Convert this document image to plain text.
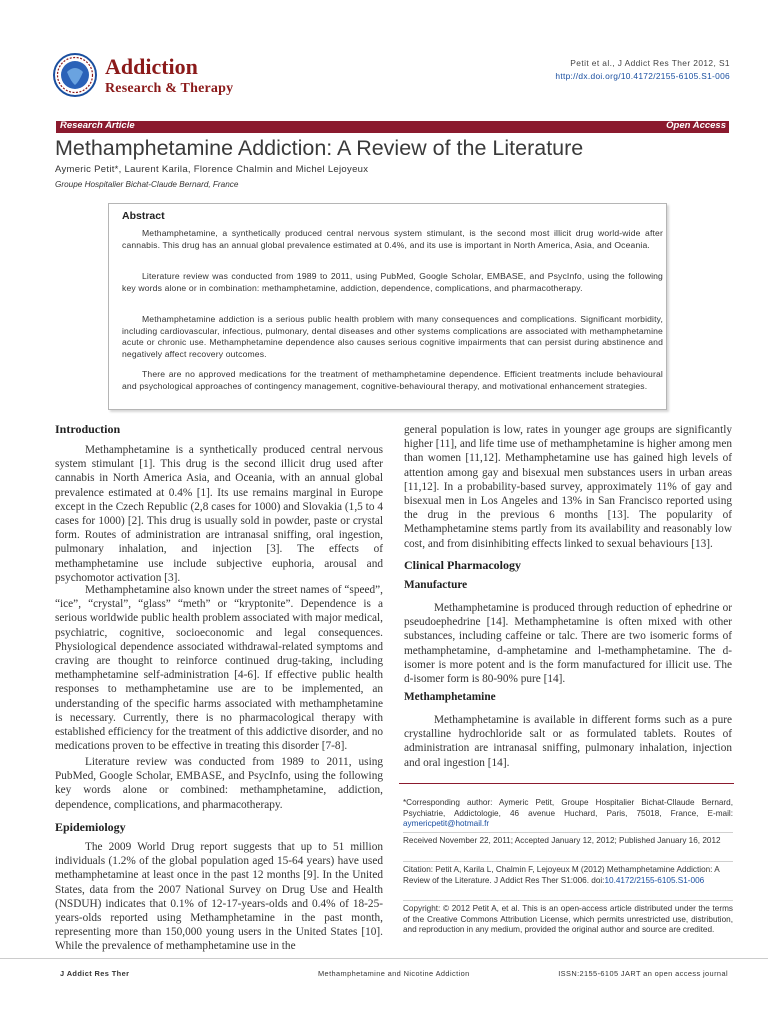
Addiction
Research & Therapy
Petit et al., J Addict Res Ther 2012, S1
http://dx.doi.org/10.4172/2155-6105.S1-006
Research Article	Open Access
Methamphetamine Addiction: A Review of the Literature
Aymeric Petit*, Laurent Karila, Florence Chalmin and Michel Lejoyeux
Groupe Hospitalier Bichat-Claude Bernard, France
Abstract

Methamphetamine, a synthetically produced central nervous system stimulant, is the second most illicit drug world-wide after cannabis. This drug has an annual global prevalence estimated at 0.4%, and its use is important in North America, Asia, and Oceania.

Literature review was conducted from 1989 to 2011, using PubMed, Google Scholar, EMBASE, and PsycInfo, using the following key words alone or in combination: methamphetamine, addiction, dependence, complications, and pharmacotherapy.

Methamphetamine addiction is a serious public health problem with many consequences and complications. Significant morbidity, including cardiovascular, infectious, pulmonary, dental diseases and other systems complications are associated with methamphetamine acute or chronic use. Methamphetamine dependence also causes serious cognitive impairments that can persist during abstinence and negatively affect recovery outcomes.

There are no approved medications for the treatment of methamphetamine dependence. Efficient treatments include behavioural and psychological approaches of contingency management, cognitive-behavioural therapy, and motivational enhancement strategies.

Introduction

Methamphetamine is a synthetically produced central nervous system stimulant [1]. This drug is the second illicit drug used after cannabis in North America Asia, and Oceania, with an annual global prevalence estimated at 0.4% [1]. Its use remains marginal in Europe except in the Czech Republic (2,8 cases for 1000) and Slovakia (1,5 to 4 cases for 1000) [2]. This drug is usually sold in powder, paste or crystal form. Routes of administration are intranasal sniffing, oral ingestion, pulmonary inhalation, and injection [3]. The effects of methamphetamine use include subjective euphoria, arousal and psychomotor activation [3].

Methamphetamine also known under the street names of “speed”, “ice”, “crystal”, “glass” “meth” or “kryptonite”. Dependence is a serious worldwide public health problem associated with major medical, psychiatric, cognitive, socioeconomic and legal consequences. Physiological dependence associated withdrawal-related symptoms and craving are thought to reinforce continued drug-taking, including methamphetamine self-administration [4-6]. If effective public health responses to methamphetamine use are to be implemented, an understanding of the specific harms associated with methamphetamine is necessary. Currently, there is no pharmacological therapy with established efficiency for the treatment of this addictive disorder, and no medications proven to be effective in treating this disorder [7-8].

Literature review was conducted from 1989 to 2011, using PubMed, Google Scholar, EMBASE, and PsycInfo, using the following key words alone or combined: methamphetamine, addiction, dependence, complications, and pharmacotherapy.

Epidemiology

The 2009 World Drug report suggests that up to 51 million individuals (1.2% of the global population aged 15-64 years) have used methamphetamine at least once in the past 12 months [9]. In the United States, data from the 2007 National Survey on Drug Use and Health (NSDUH) indicates that 0.1% of 12-17-years-olds and 0.4% of 18-25-years-olds reported using Methamphetamine in the past month, representing more than 150,000 young users in the United States [10]. While the prevalence of methamphetamine use in the

general population is low, rates in younger age groups are significantly higher [11], and life time use of methamphetamine is higher among men than women [11,12]. Methamphetamine use has gained high levels of attention among gay and bisexual men substances users in urban areas [11,12]. In a probability-based survey, approximately 11% of gay and bisexual men in Los Angeles and 13% in San Francisco reported using the drug in the previous 6 months [13]. The popularity of Methamphetamine stems partly from its availability and reasonably low cost, and from disinhibiting effects linked to sexual behaviours [13].

Clinical Pharmacology
Manufacture

Methamphetamine is produced through reduction of ephedrine or pseudoephedrine [14]. Methamphetamine is often mixed with other substances, including caffeine or talc. There are two isomeric forms of methamphetamine, d-amphetamine and l-methamphetamine. The d-isomer is more potent and is the form manufactured for illicit use. The d-isomer form is 80-90% pure [14].

Methamphetamine

Methamphetamine is available in different forms such as a pure crystalline hydrochloride salt or as formulated tablets. Routes of administration are intranasal sniffing, pulmonary inhalation, injection and oral ingestion [14].

*Corresponding author: Aymeric Petit, Groupe Hospitalier Bichat-Cllaude Bernard, Psychiatrie, Addictologie, 46 avenue Huchard, Paris, 75018, France, E-mail: aymericpetit@hotmail.fr
Received November 22, 2011; Accepted January 12, 2012; Published January 16, 2012
Citation: Petit A, Karila L, Chalmin F, Lejoyeux M (2012) Methamphetamine Addiction: A Review of the Literature. J Addict Res Ther S1:006. doi:10.4172/2155-6105.S1-006
Copyright: © 2012 Petit A, et al. This is an open-access article distributed under the terms of the Creative Commons Attribution License, which permits unrestricted use, distribution, and reproduction in any medium, provided the original author and source are credited.
J Addict Res Ther	Methamphetamine and Nicotine Addiction	ISSN:2155-6105 JART an open access journal
